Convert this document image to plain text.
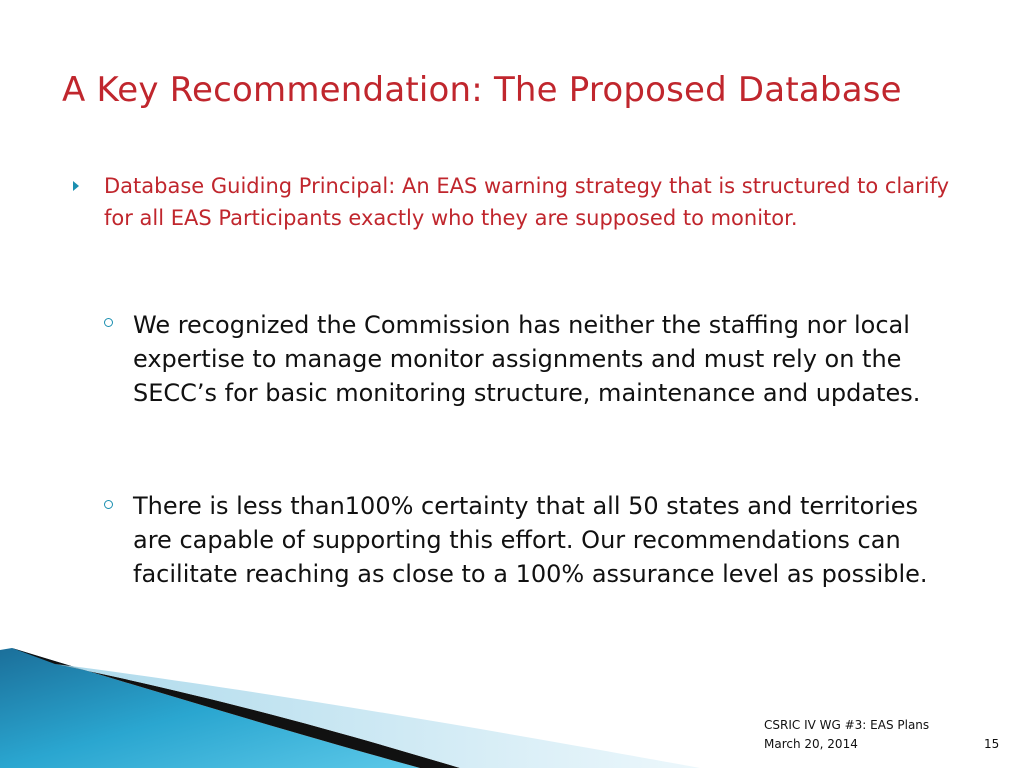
A Key Recommendation: The Proposed Database
Database Guiding Principal: An EAS warning strategy that is structured to clarify for all EAS Participants exactly who they are supposed to monitor.
We recognized the Commission has neither the staffing nor local expertise to manage monitor assignments and must rely on the SECC’s for basic monitoring structure, maintenance and updates.
There is less than100% certainty that all 50 states and territories are capable of supporting this effort. Our recommendations can facilitate reaching as close to a 100% assurance level as possible.
CSRIC IV WG #3: EAS Plans
March 20, 2014	15
